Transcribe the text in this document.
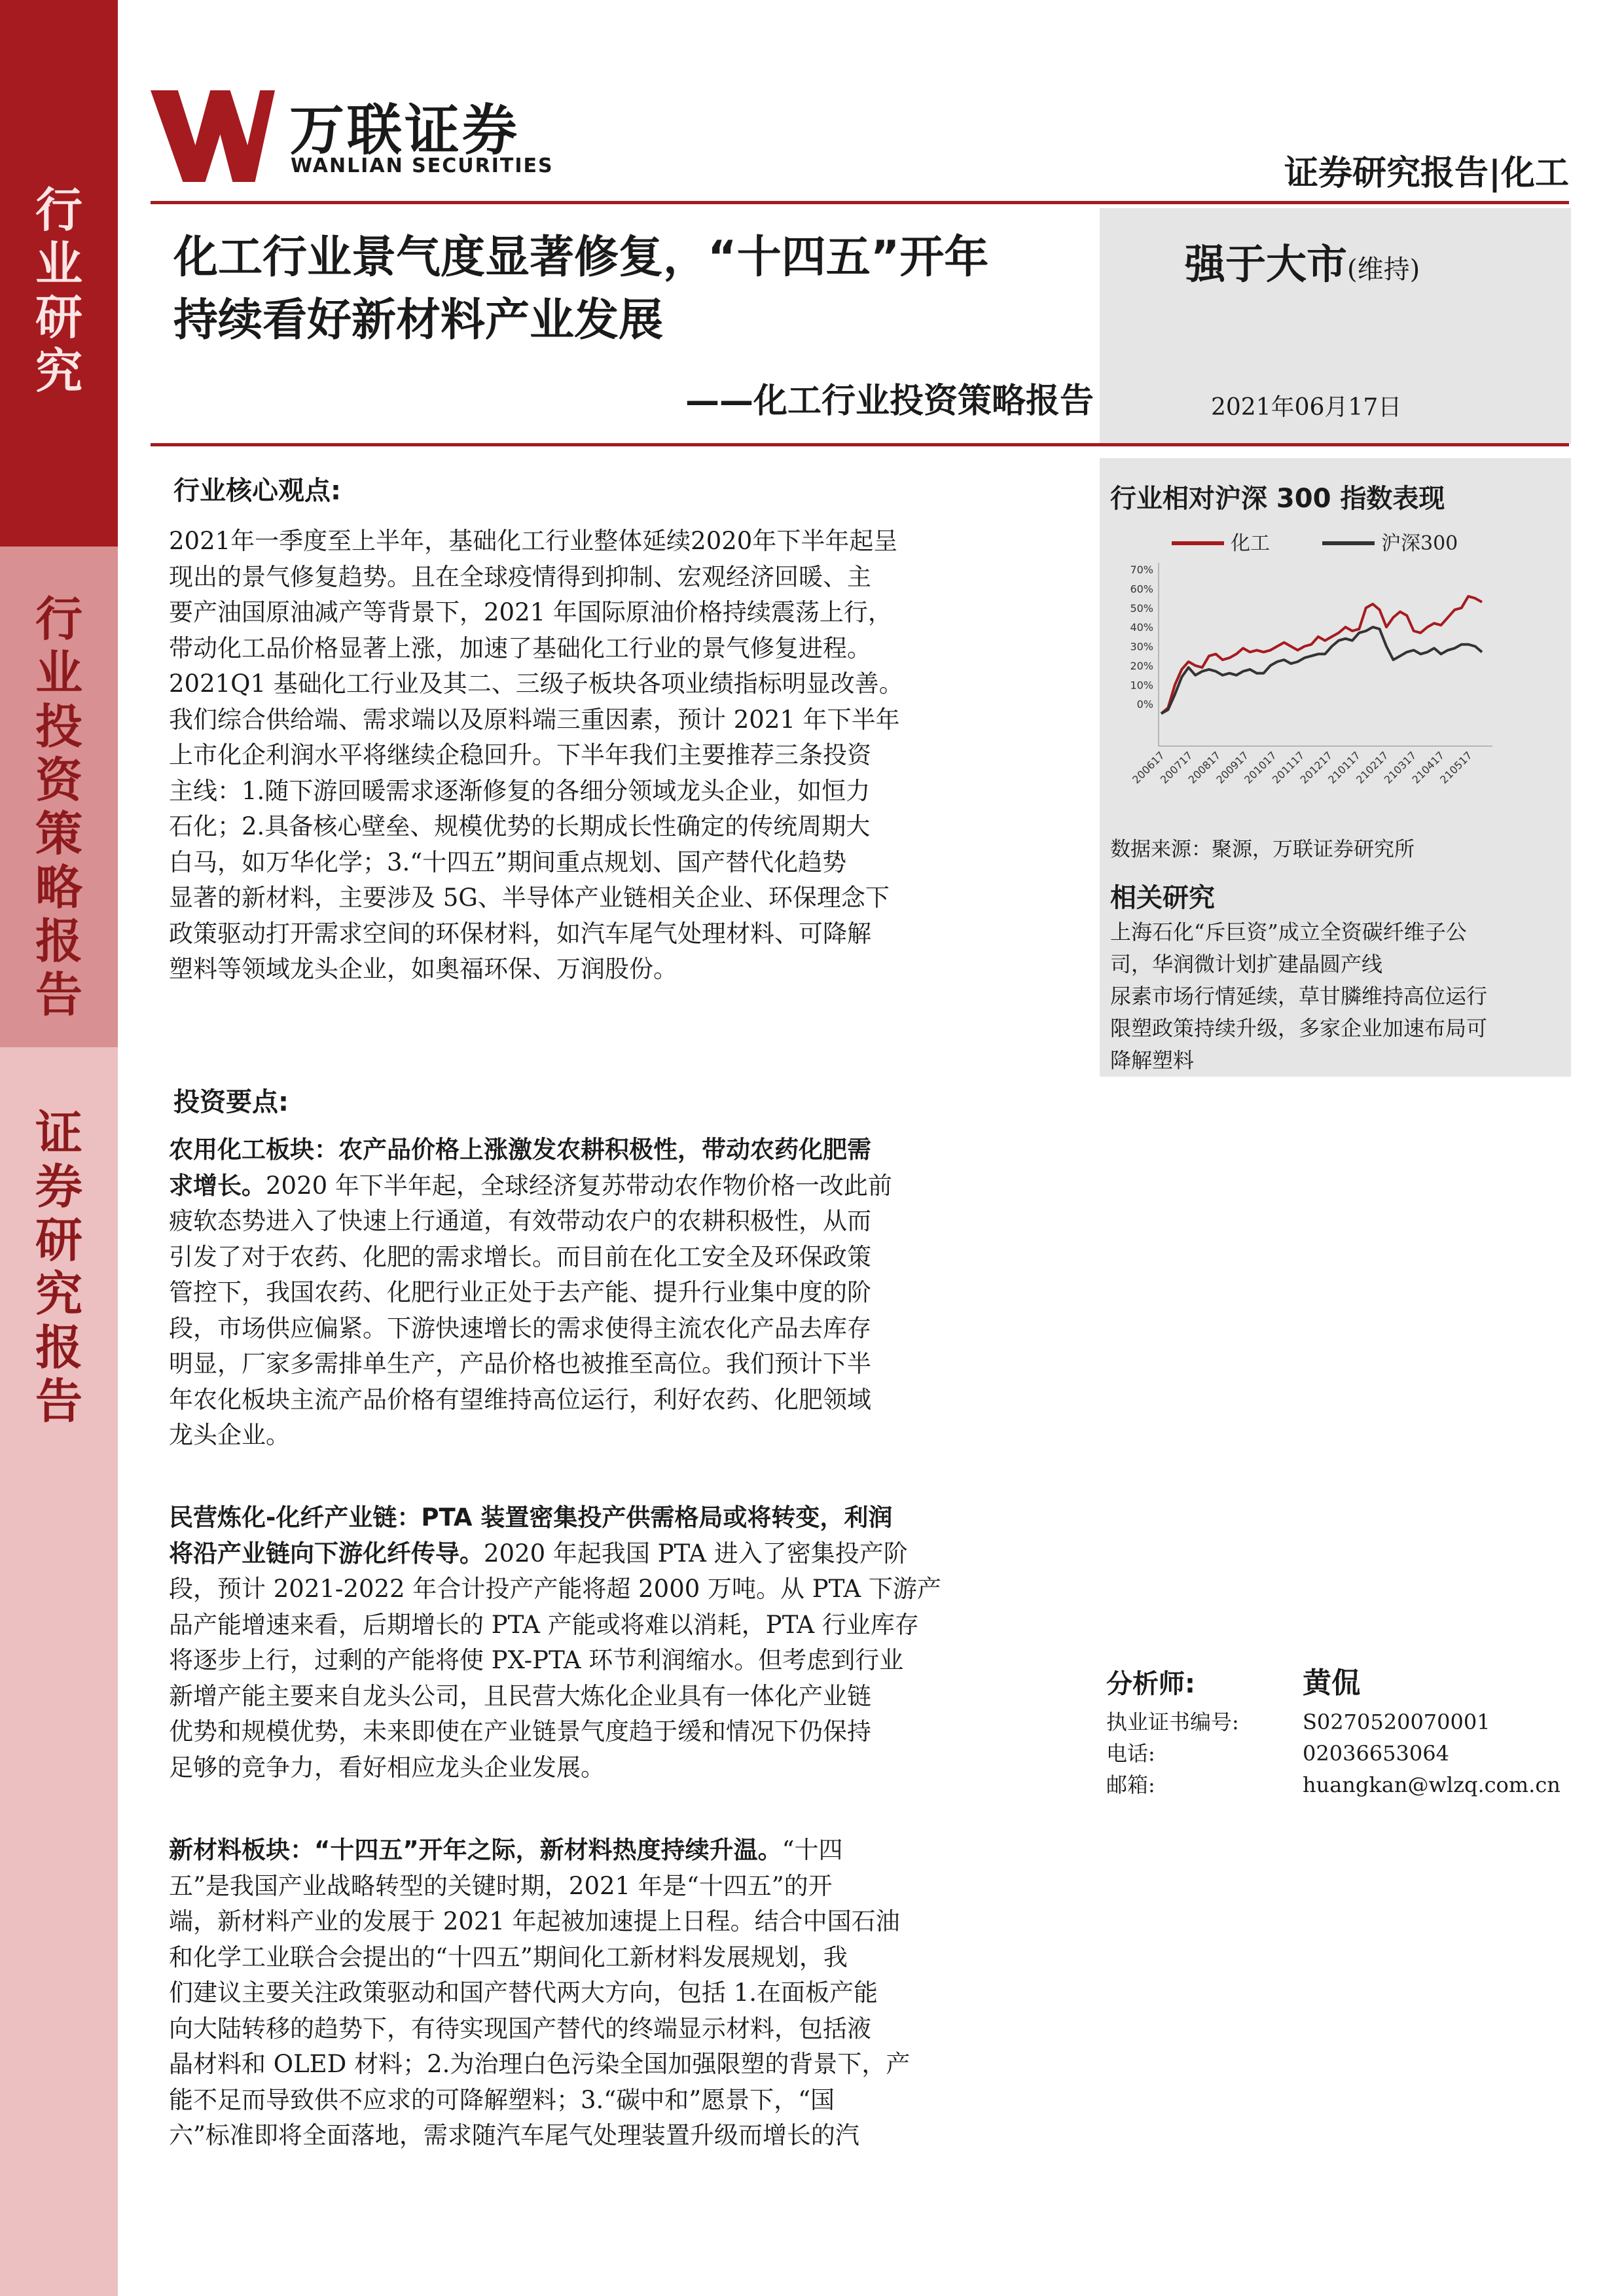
行
业
研
究
行
业
投
资
策
略
报
告
证
券
研
究
报
告
万联证券
WANLIAN SECURITIES	证券研究报告|化工
化工行业景气度显著修复，“十四五”开年
持续看好新材料产业发展
——化工行业投资策略报告
强于大市(维持)
2021年06月17日
行业核心观点:
2021年一季度至上半年，基础化工行业整体延续2020年下半年起呈
现出的景气修复趋势。且在全球疫情得到抑制、宏观经济回暖、主
要产油国原油减产等背景下，2021 年国际原油价格持续震荡上行，
带动化工品价格显著上涨，加速了基础化工行业的景气修复进程。
2021Q1 基础化工行业及其二、三级子板块各项业绩指标明显改善。
我们综合供给端、需求端以及原料端三重因素，预计 2021 年下半年
上市化企利润水平将继续企稳回升。下半年我们主要推荐三条投资
主线：1.随下游回暖需求逐渐修复的各细分领域龙头企业，如恒力
石化；2.具备核心壁垒、规模优势的长期成长性确定的传统周期大
白马，如万华化学；3.“十四五”期间重点规划、国产替代化趋势
显著的新材料，主要涉及 5G、半导体产业链相关企业、环保理念下
政策驱动打开需求空间的环保材料，如汽车尾气处理材料、可降解
塑料等领域龙头企业，如奥福环保、万润股份。
投资要点:
农用化工板块：农产品价格上涨激发农耕积极性，带动农药化肥需
求增长。2020 年下半年起，全球经济复苏带动农作物价格一改此前
疲软态势进入了快速上行通道，有效带动农户的农耕积极性，从而
引发了对于农药、化肥的需求增长。而目前在化工安全及环保政策
管控下，我国农药、化肥行业正处于去产能、提升行业集中度的阶
段，市场供应偏紧。下游快速增长的需求使得主流农化产品去库存
明显，厂家多需排单生产，产品价格也被推至高位。我们预计下半
年农化板块主流产品价格有望维持高位运行，利好农药、化肥领域
龙头企业。
民营炼化-化纤产业链：PTA 装置密集投产供需格局或将转变，利润
将沿产业链向下游化纤传导。2020 年起我国 PTA 进入了密集投产阶
段，预计 2021-2022 年合计投产产能将超 2000 万吨。从 PTA 下游产
品产能增速来看，后期增长的 PTA 产能或将难以消耗，PTA 行业库存
将逐步上行，过剩的产能将使 PX-PTA 环节利润缩水。但考虑到行业
新增产能主要来自龙头公司，且民营大炼化企业具有一体化产业链
优势和规模优势，未来即使在产业链景气度趋于缓和情况下仍保持
足够的竞争力，看好相应龙头企业发展。
新材料板块：“十四五”开年之际，新材料热度持续升温。“十四
五”是我国产业战略转型的关键时期，2021 年是“十四五”的开
端，新材料产业的发展于 2021 年起被加速提上日程。结合中国石油
和化学工业联合会提出的“十四五”期间化工新材料发展规划，我
们建议主要关注政策驱动和国产替代两大方向，包括 1.在面板产能
向大陆转移的趋势下，有待实现国产替代的终端显示材料，包括液
晶材料和 OLED 材料；2.为治理白色污染全国加强限塑的背景下，产
能不足而导致供不应求的可降解塑料；3.“碳中和”愿景下，“国
六”标准即将全面落地，需求随汽车尾气处理装置升级而增长的汽
行业相对沪深 300 指数表现
化工	沪深300
0%
10%
20%
30%
40%
50%
60%
70%
200617
200717
200817
200917
201017
201117
201217
210117
210217
210317
210417
210517
数据来源：聚源，万联证券研究所
相关研究
上海石化“斥巨资”成立全资碳纤维子公
司，华润微计划扩建晶圆产线
尿素市场行情延续，草甘膦维持高位运行
限塑政策持续升级，多家企业加速布局可
降解塑料
分析师:	黄侃
执业证书编号:	S0270520070001
电话:	02036653064
邮箱:	huangkan@wlzq.com.cn
